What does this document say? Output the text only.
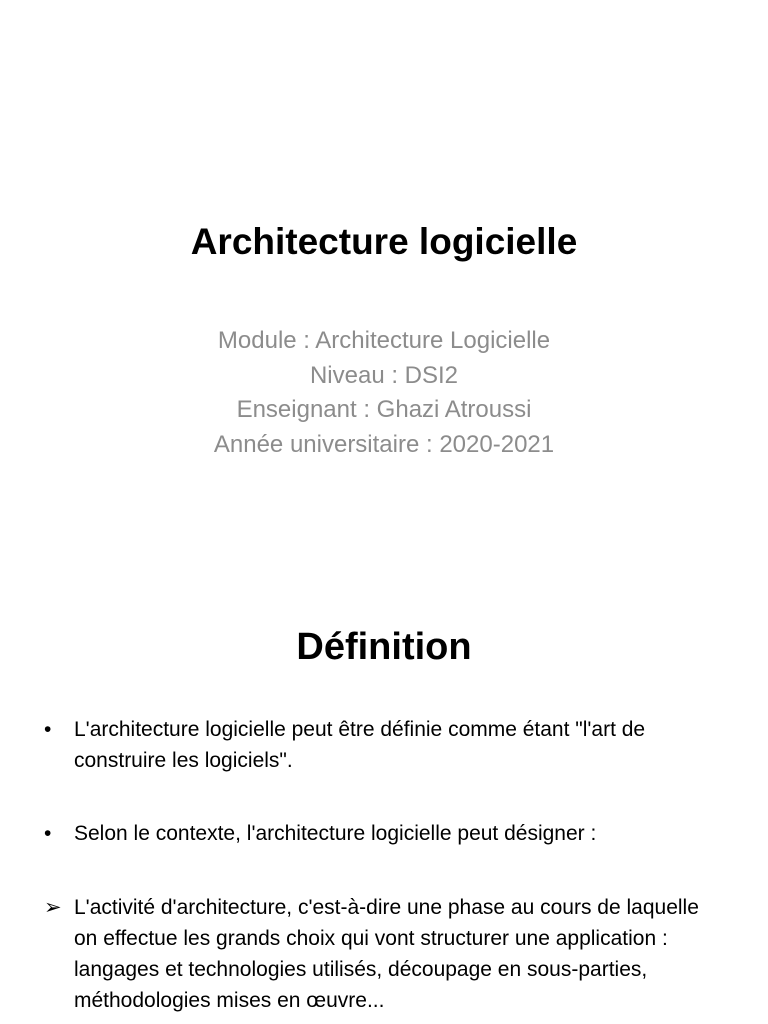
Architecture logicielle
Module : Architecture Logicielle
Niveau : DSI2
Enseignant : Ghazi Atroussi
Année universitaire : 2020-2021
Définition
•	L'architecture logicielle peut être définie comme étant "l'art de construire les logiciels".
•	Selon le contexte, l'architecture logicielle peut désigner :
➢ L'activité d'architecture, c'est-à-dire une phase au cours de laquelle on effectue les grands choix qui vont structurer une application : langages et technologies utilisés, découpage en sous-parties, méthodologies mises en œuvre...
